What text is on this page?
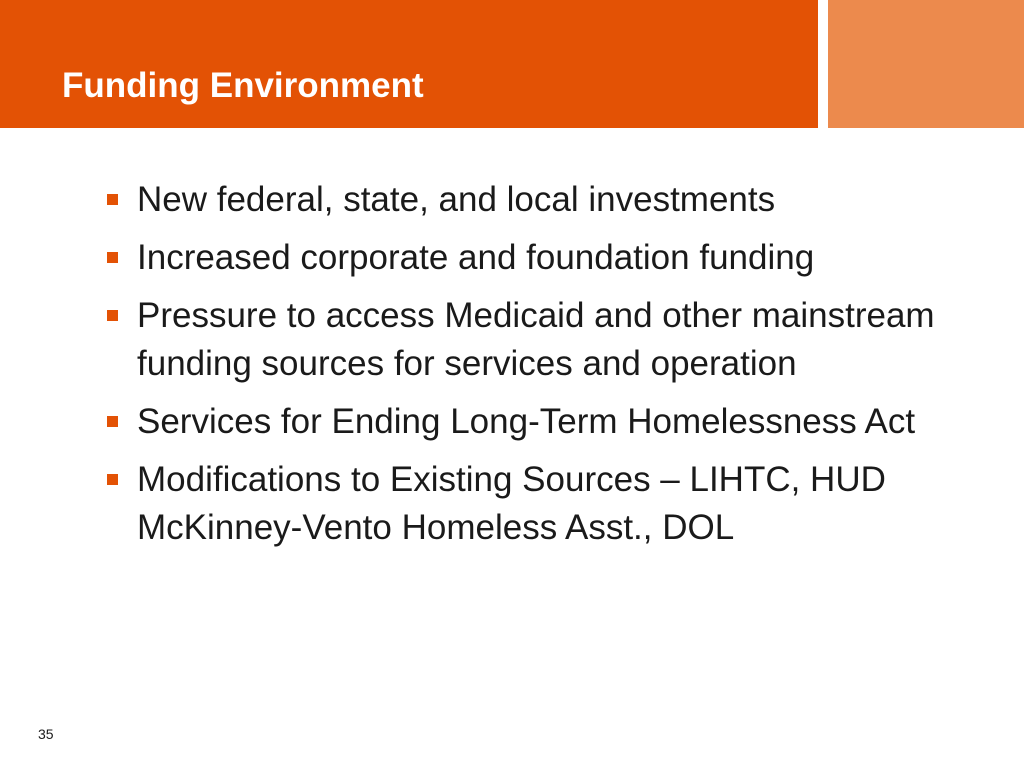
Funding Environment
New federal, state, and local investments
Increased corporate and foundation funding
Pressure to access Medicaid and other mainstream funding sources for services and operation
Services for Ending Long-Term Homelessness Act
Modifications to Existing Sources – LIHTC, HUD McKinney-Vento Homeless Asst., DOL
35
